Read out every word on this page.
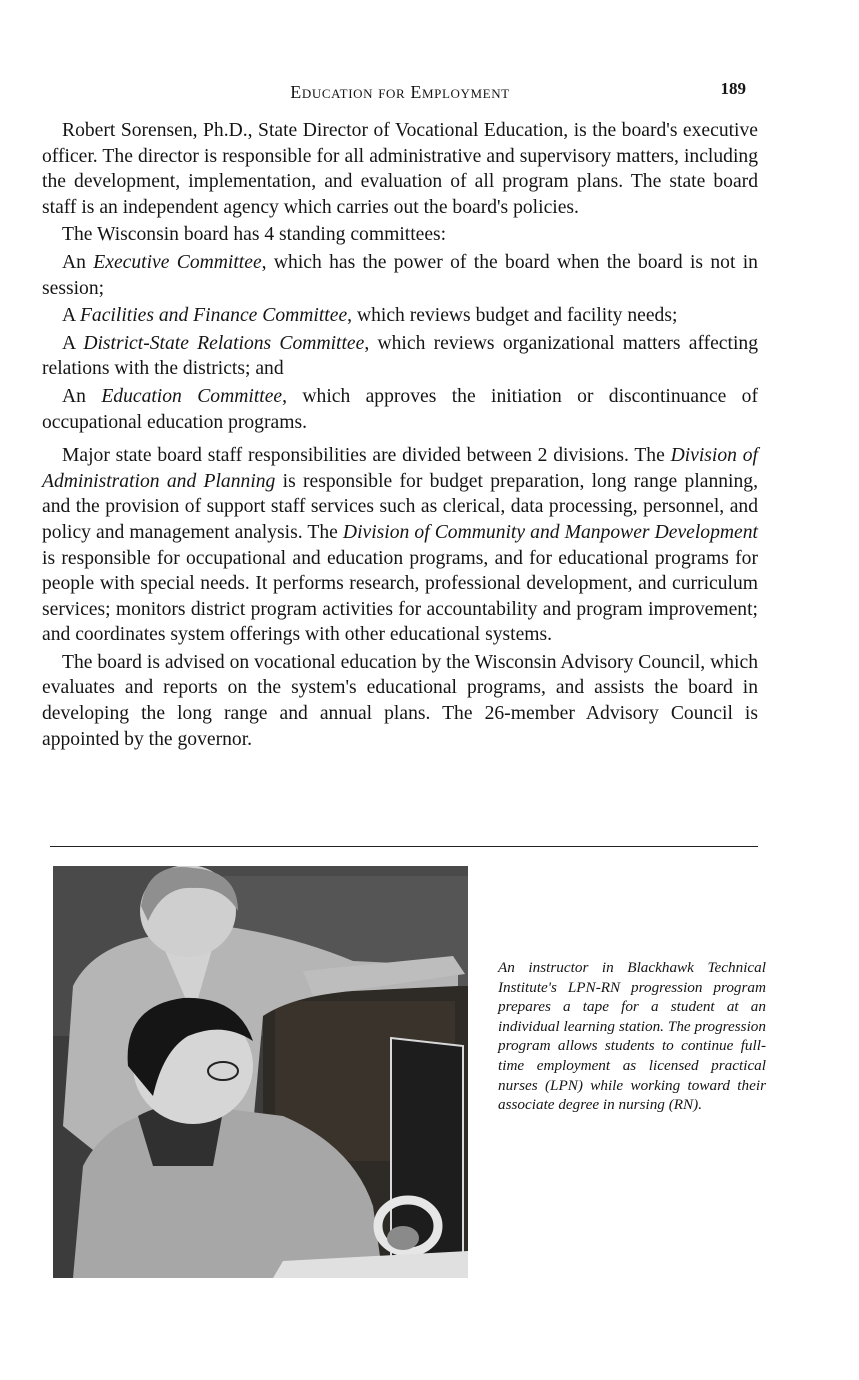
Education for Employment	189

Robert Sorensen, Ph.D., State Director of Vocational Education, is the board's executive officer. The director is responsible for all administrative and supervisory matters, including the development, implementation, and evaluation of all program plans. The state board staff is an independent agency which carries out the board's policies.

The Wisconsin board has 4 standing committees:

An Executive Committee, which has the power of the board when the board is not in session;

A Facilities and Finance Committee, which reviews budget and facility needs;

A District-State Relations Committee, which reviews organizational matters affecting relations with the districts; and

An Education Committee, which approves the initiation or discontinuance of occupational education programs.

Major state board staff responsibilities are divided between 2 divisions. The Division of Administration and Planning is responsible for budget preparation, long range planning, and the provision of support staff services such as clerical, data processing, personnel, and policy and management analysis. The Division of Community and Manpower Development is responsible for occupational and education programs, and for educational programs for people with special needs. It performs research, professional development, and curriculum services; monitors district program activities for accountability and program improvement; and coordinates system offerings with other educational systems.

The board is advised on vocational education by the Wisconsin Advisory Council, which evaluates and reports on the system's educational programs, and assists the board in developing the long range and annual plans. The 26-member Advisory Council is appointed by the governor.

An instructor in Blackhawk Technical Institute's LPN-RN progression program prepares a tape for a student at an individual learning station. The progression program allows students to continue full-time employment as licensed practical nurses (LPN) while working toward their associate degree in nursing (RN).
